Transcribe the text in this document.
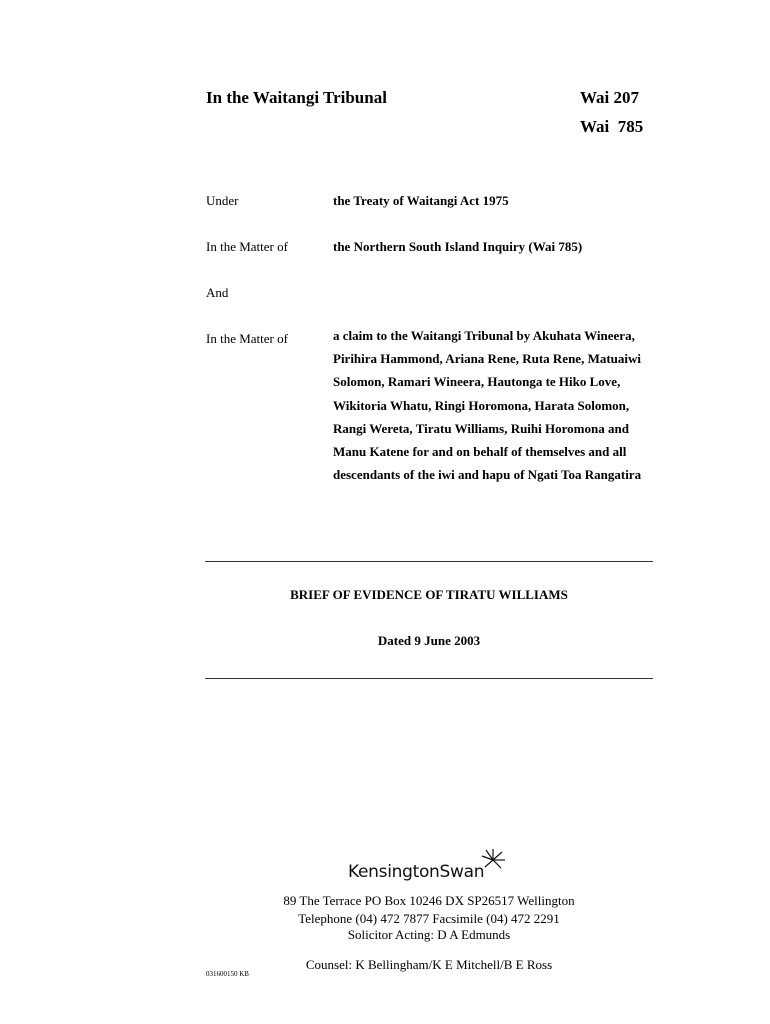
In the Waitangi Tribunal	Wai 207
Wai  785
Under	the Treaty of Waitangi Act 1975
In the Matter of	the Northern South Island Inquiry (Wai 785)
And
In the Matter of	a claim to the Waitangi Tribunal by Akuhata Wineera,
Pirihira Hammond, Ariana Rene, Ruta Rene, Matuaiwi
Solomon, Ramari Wineera, Hautonga te Hiko Love,
Wikitoria Whatu, Ringi Horomona, Harata Solomon,
Rangi Wereta, Tiratu Williams, Ruihi Horomona and
Manu Katene for and on behalf of themselves and all
descendants of the iwi and hapu of Ngati Toa Rangatira
BRIEF OF EVIDENCE OF TIRATU WILLIAMS
Dated 9 June 2003
KensingtonSwan
89 The Terrace PO Box 10246 DX SP26517 Wellington
Telephone (04) 472 7877 Facsimile (04) 472 2291
Solicitor Acting: D A Edmunds
Counsel: K Bellingham/K E Mitchell/B E Ross
031600150 KB
